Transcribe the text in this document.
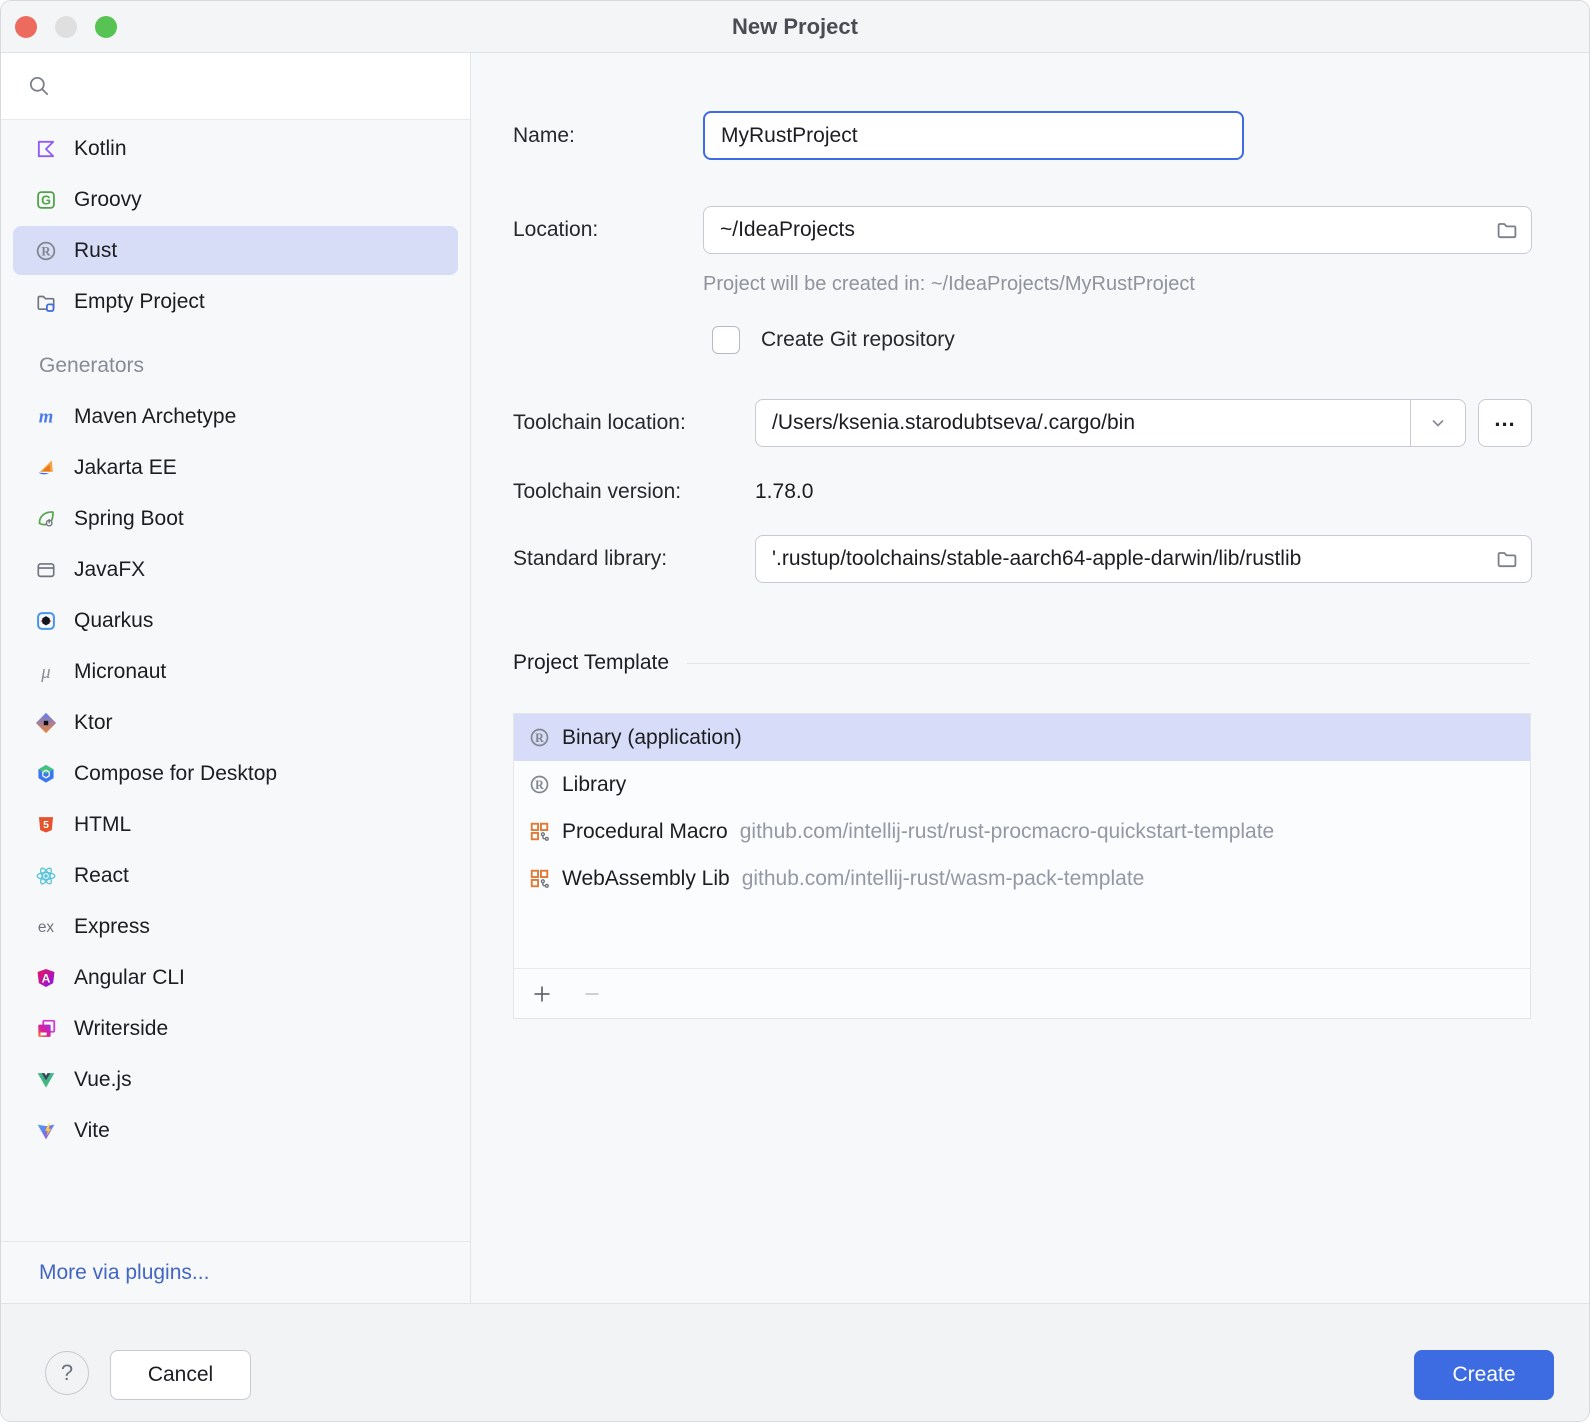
New Project
Kotlin
G Groovy
R Rust
Empty Project
Generators
m Maven Archetype
Jakarta EE
Spring Boot
JavaFX
Quarkus
μ Micronaut
Ktor
Compose for Desktop
5 HTML
React
ex Express
A Angular CLI
Writerside
Vue.js
Vite
More via plugins...
Name:
MyRustProject
Location:
~/IdeaProjects
Project will be created in: ~/IdeaProjects/MyRustProject
Create Git repository
Toolchain location:	/Users/ksenia.starodubtseva/.cargo/bin	...
Toolchain version:	1.78.0
Standard library:	'.rustup/toolchains/stable-aarch64-apple-darwin/lib/rustlib
Project Template
R Binary (application)
R Library
Procedural Macro github.com/intellij-rust/rust-procmacro-quickstart-template
WebAssembly Lib github.com/intellij-rust/wasm-pack-template
?	Cancel	Create
